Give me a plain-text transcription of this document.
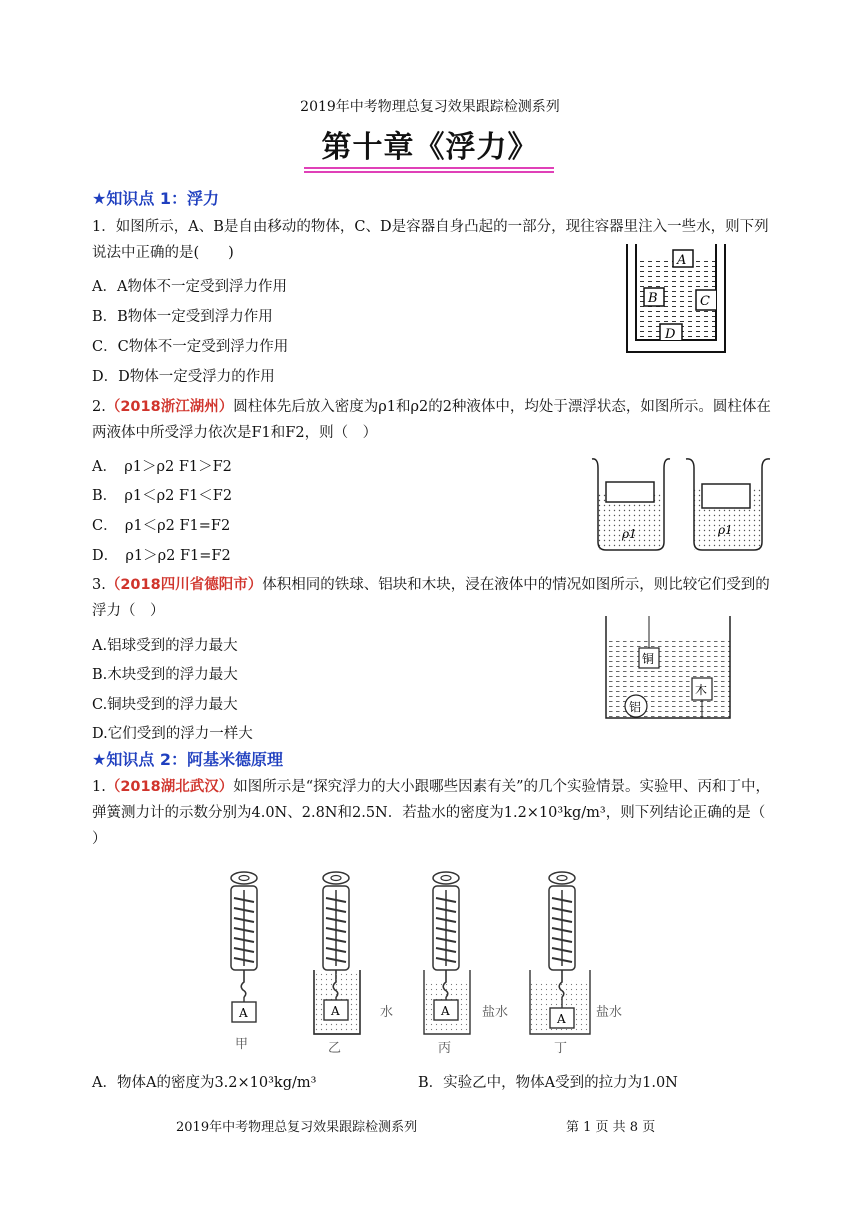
2019年中考物理总复习效果跟踪检测系列
第十章《浮力》
★知识点 1：浮力
1．如图所示，A、B是自由移动的物体，C、D是容器自身凸起的一部分，现往容器里注入一些水，则下列说法中正确的是(　　)
A．A物体不一定受到浮力作用
B．B物体一定受到浮力作用
C．C物体不一定受到浮力作用
D．D物体一定受浮力的作用
A
B	C
D
2.（2018浙江湖州）圆柱体先后放入密度为ρ1和ρ2的2种液体中，均处于漂浮状态，如图所示。圆柱体在两液体中所受浮力依次是F1和F2，则（　）
A．　ρ1＞ρ2 F1＞F2
B．　ρ1＜ρ2 F1＜F2
C．　ρ1＜ρ2 F1=F2
D．　ρ1＞ρ2 F1=F2
ρ1	ρ1
3.（2018四川省德阳市）体积相同的铁球、铝块和木块，浸在液体中的情况如图所示，则比较它们受到的浮力（　）
A.铝球受到的浮力最大
B.木块受到的浮力最大
C.铜块受到的浮力最大
D.它们受到的浮力一样大
铜
木
铝
★知识点 2：阿基米德原理
1.（2018湖北武汉）如图所示是“探究浮力的大小跟哪些因素有关”的几个实验情景。实验甲、丙和丁中，弹簧测力计的示数分别为4.0N、2.8N和2.5N．若盐水的密度为1.2×10³kg/m³，则下列结论正确的是（ ）
A
甲
A	水
乙
A 盐水
丙
A 盐水
丁
A．物体A的密度为3.2×10³kg/m³	B．实验乙中，物体A受到的拉力为1.0N
2019年中考物理总复习效果跟踪检测系列	第 1 页 共 8 页
